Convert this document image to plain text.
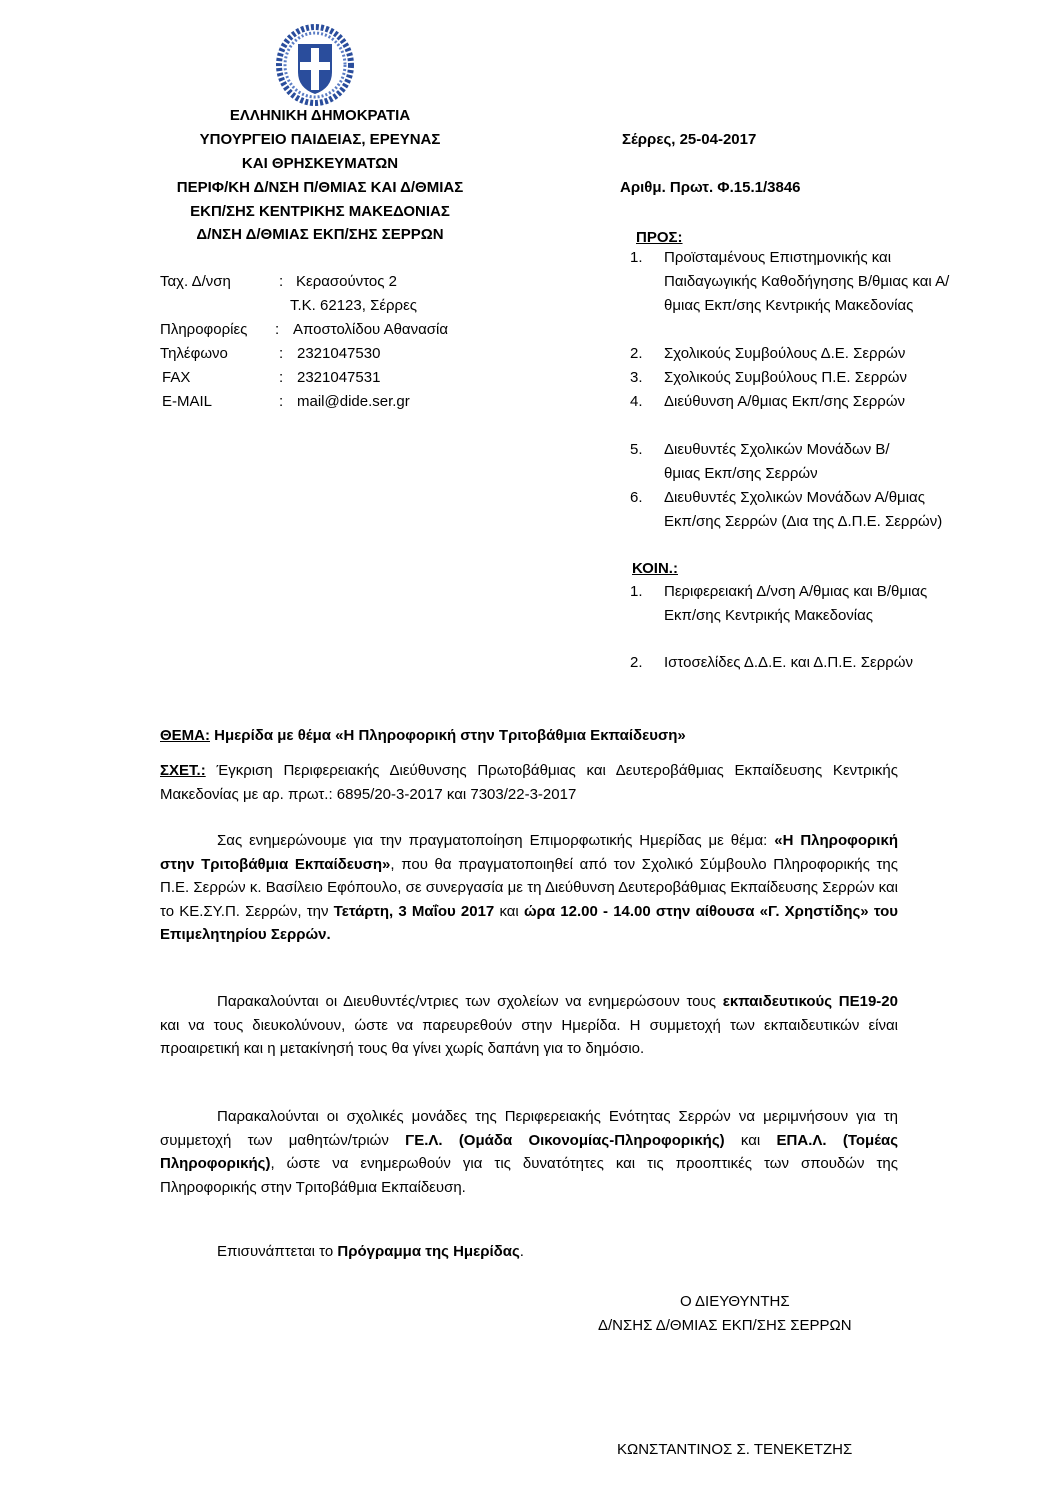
ΕΛΛΗΝΙΚΗ ΔΗΜΟΚΡΑΤΙΑ
ΥΠΟΥΡΓΕΙΟ ΠΑΙΔΕΙΑΣ, ΕΡΕΥΝΑΣ
ΚΑΙ ΘΡΗΣΚΕΥΜΑΤΩΝ
ΠΕΡΙΦ/ΚΗ Δ/ΝΣΗ Π/ΘΜΙΑΣ ΚΑΙ Δ/ΘΜΙΑΣ
ΕΚΠ/ΣΗΣ ΚΕΝΤΡΙΚΗΣ ΜΑΚΕΔΟΝΙΑΣ
Δ/ΝΣΗ Δ/ΘΜΙΑΣ ΕΚΠ/ΣΗΣ ΣΕΡΡΩΝ
Σέρρες, 25-04-2017
Αριθμ. Πρωτ. Φ.15.1/3846
Ταχ. Δ/νση	: Κερασούντος 2
Τ.Κ. 62123, Σέρρες
Πληροφορίες : Αποστολίδου Αθανασία
Τηλέφωνο	: 2321047530
FAX	: 2321047531
E-MAIL	: mail@dide.ser.gr
ΠΡΟΣ:
1. Προϊσταμένους Επιστημονικής και Παιδαγωγικής Καθοδήγησης Β/θμιας και Α/θμιας Εκπ/σης Κεντρικής Μακεδονίας
2. Σχολικούς Συμβούλους Δ.Ε. Σερρών
3. Σχολικούς Συμβούλους Π.Ε. Σερρών
4. Διεύθυνση Α/θμιας Εκπ/σης Σερρών
5. Διευθυντές Σχολικών Μονάδων Β/θμιας Εκπ/σης Σερρών
6. Διευθυντές Σχολικών Μονάδων Α/θμιας Εκπ/σης Σερρών (Δια της Δ.Π.Ε. Σερρών)
ΚΟΙΝ.:
1. Περιφερειακή Δ/νση Α/θμιας και Β/θμιας Εκπ/σης Κεντρικής Μακεδονίας
2. Ιστοσελίδες Δ.Δ.Ε. και Δ.Π.Ε. Σερρών
ΘΕΜΑ: Ημερίδα με θέμα «Η Πληροφορική στην Τριτοβάθμια Εκπαίδευση»

ΣΧΕΤ.: Έγκριση Περιφερειακής Διεύθυνσης Πρωτοβάθμιας και Δευτεροβάθμιας Εκπαίδευσης Κεντρικής Μακεδονίας με αρ. πρωτ.: 6895/20-3-2017 και 7303/22-3-2017

Σας ενημερώνουμε για την πραγματοποίηση Επιμορφωτικής Ημερίδας με θέμα: «Η Πληροφορική στην Τριτοβάθμια Εκπαίδευση», που θα πραγματοποιηθεί από τον Σχολικό Σύμβουλο Πληροφορικής της Π.Ε. Σερρών κ. Βασίλειο Εφόπουλο, σε συνεργασία με τη Διεύθυνση Δευτεροβάθμιας Εκπαίδευσης Σερρών και το ΚΕ.ΣΥ.Π. Σερρών, την Τετάρτη, 3 Μαΐου 2017 και ώρα 12.00 - 14.00 στην αίθουσα «Γ. Χρηστίδης» του Επιμελητηρίου Σερρών.

Παρακαλούνται οι Διευθυντές/ντριες των σχολείων να ενημερώσουν τους εκπαιδευτικούς ΠΕ19-20 και να τους διευκολύνουν, ώστε να παρευρεθούν στην Ημερίδα. Η συμμετοχή των εκπαιδευτικών είναι προαιρετική και η μετακίνησή τους θα γίνει χωρίς δαπάνη για το δημόσιο.

Παρακαλούνται οι σχολικές μονάδες της Περιφερειακής Ενότητας Σερρών να μεριμνήσουν για τη συμμετοχή των μαθητών/τριών ΓΕ.Λ. (Ομάδα Οικονομίας-Πληροφορικής) και ΕΠΑ.Λ. (Τομέας Πληροφορικής), ώστε να ενημερωθούν για τις δυνατότητες και τις προοπτικές των σπουδών της Πληροφορικής στην Τριτοβάθμια Εκπαίδευση.

Επισυνάπτεται το Πρόγραμμα της Ημερίδας.

Ο ΔΙΕΥΘΥΝΤΗΣ
Δ/ΝΣΗΣ Δ/ΘΜΙΑΣ ΕΚΠ/ΣΗΣ ΣΕΡΡΩΝ
ΚΩΝΣΤΑΝΤΙΝΟΣ Σ. ΤΕΝΕΚΕΤΖΗΣ
